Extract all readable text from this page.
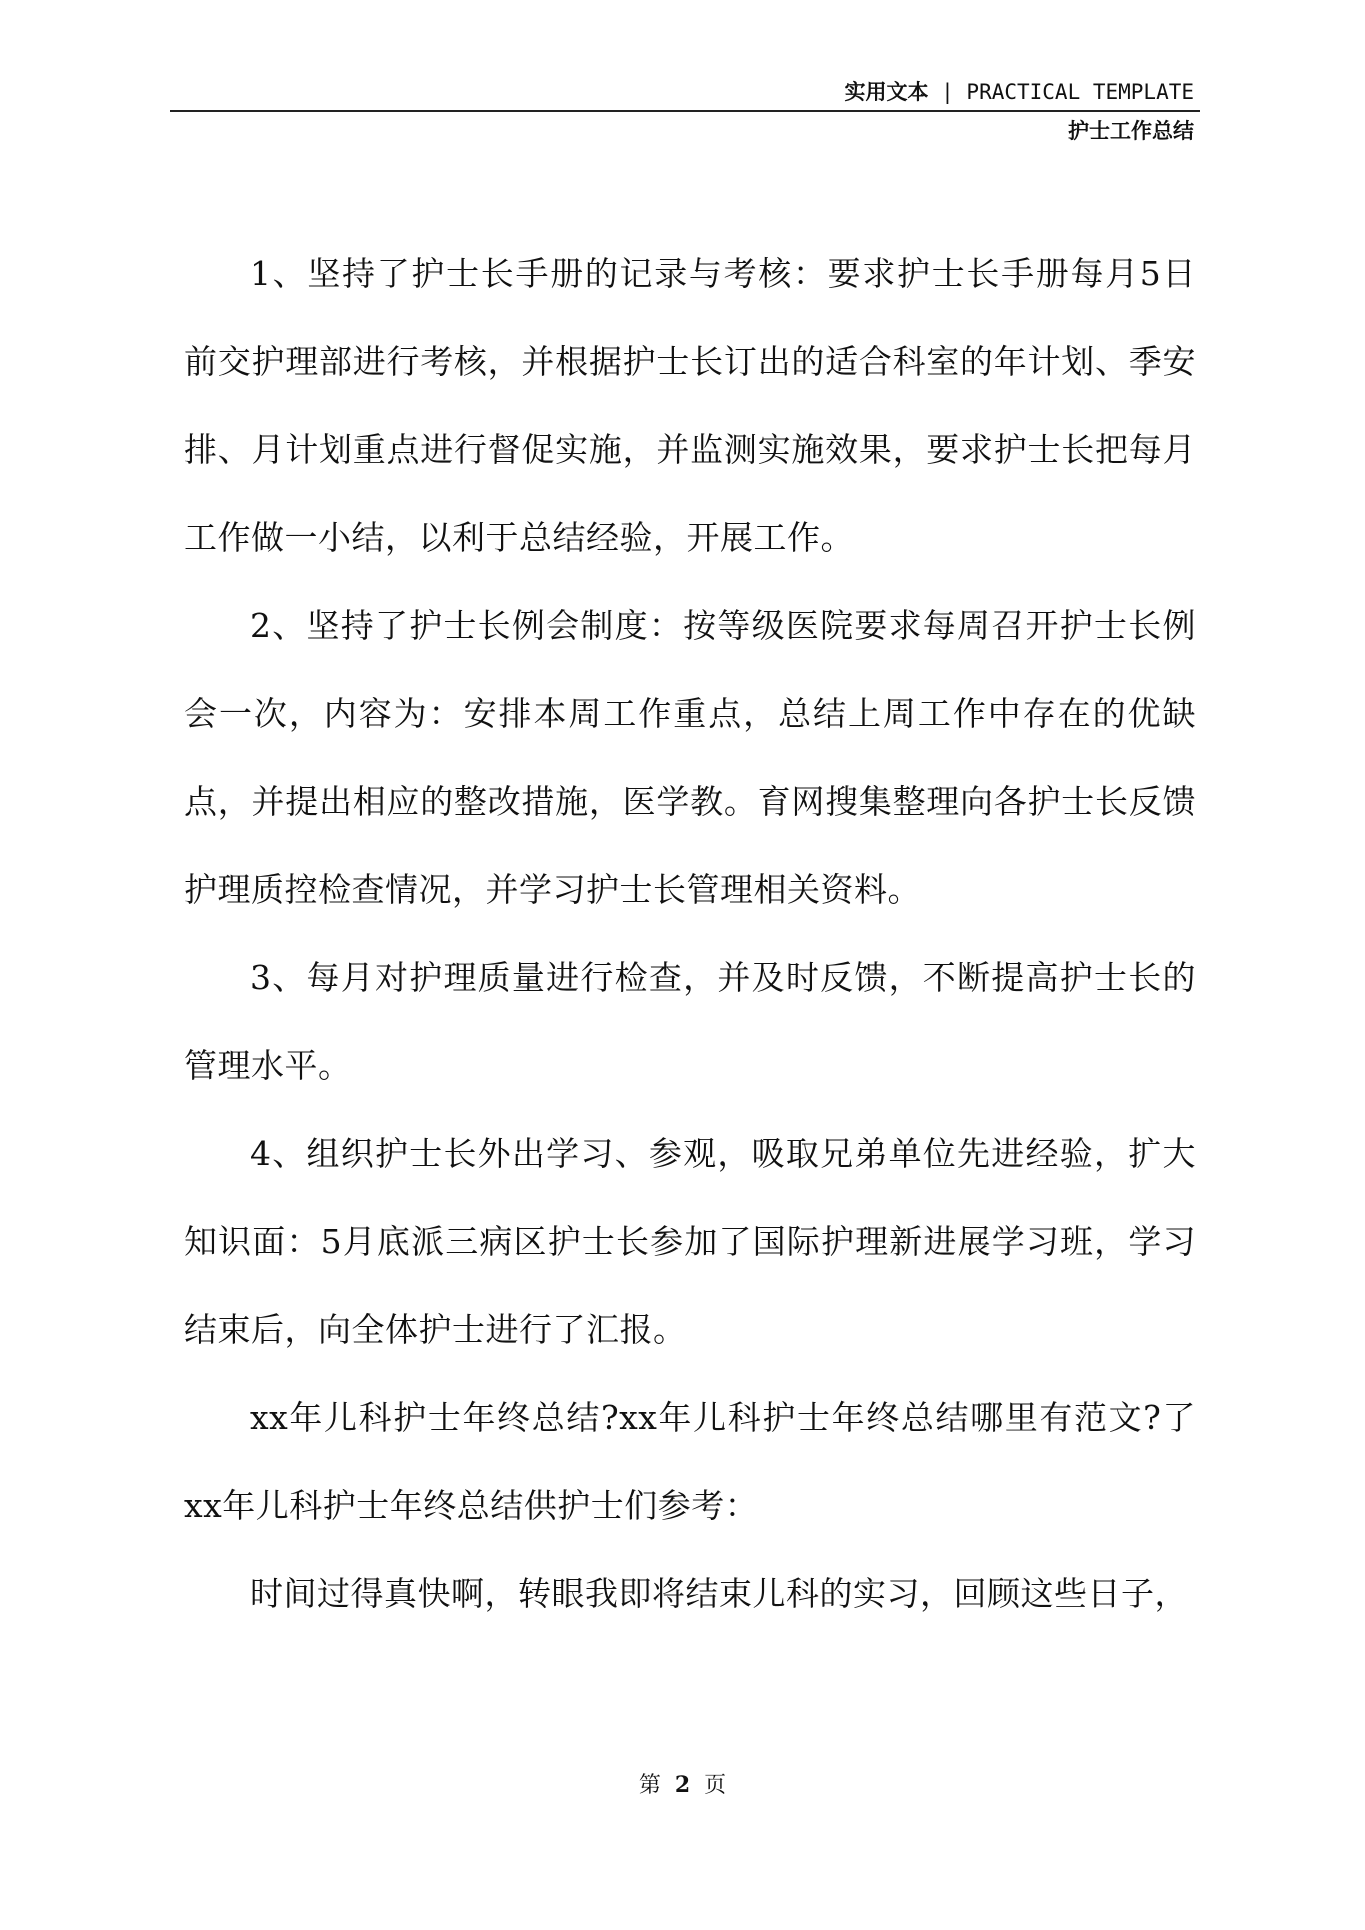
实用文本 | PRACTICAL TEMPLATE
护士工作总结

1、坚持了护士长手册的记录与考核：要求护士长手册每月5日前交护理部进行考核，并根据护士长订出的适合科室的年计划、季安排、月计划重点进行督促实施，并监测实施效果，要求护士长把每月工作做一小结，以利于总结经验，开展工作。

2、坚持了护士长例会制度：按等级医院要求每周召开护士长例会一次，内容为：安排本周工作重点，总结上周工作中存在的优缺点，并提出相应的整改措施，医学教。育网搜集整理向各护士长反馈护理质控检查情况，并学习护士长管理相关资料。

3、每月对护理质量进行检查，并及时反馈，不断提高护士长的管理水平。

4、组织护士长外出学习、参观，吸取兄弟单位先进经验，扩大知识面：5月底派三病区护士长参加了国际护理新进展学习班，学习结束后，向全体护士进行了汇报。

xx年儿科护士年终总结?xx年儿科护士年终总结哪里有范文?了xx年儿科护士年终总结供护士们参考：

时间过得真快啊，转眼我即将结束儿科的实习，回顾这些日子，

第 2 页
